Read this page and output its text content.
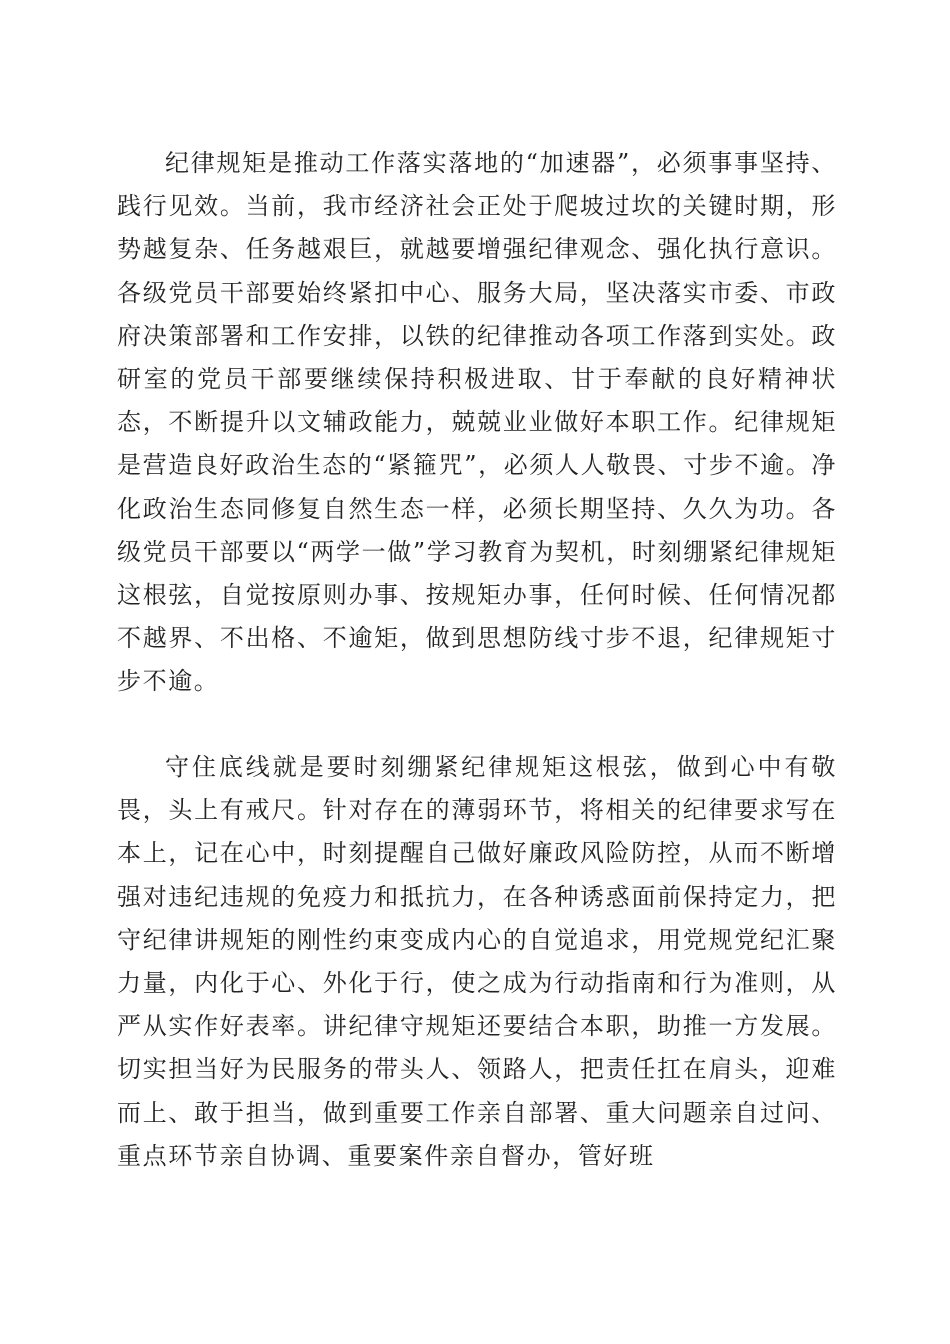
纪律规矩是推动工作落实落地的“加速器”，必须事事坚持、践行见效。当前，我市经济社会正处于爬坡过坎的关键时期，形势越复杂、任务越艰巨，就越要增强纪律观念、强化执行意识。各级党员干部要始终紧扣中心、服务大局，坚决落实市委、市政府决策部署和工作安排，以铁的纪律推动各项工作落到实处。政研室的党员干部要继续保持积极进取、甘于奉献的良好精神状态，不断提升以文辅政能力，兢兢业业做好本职工作。纪律规矩是营造良好政治生态的“紧箍咒”，必须人人敬畏、寸步不逾。净化政治生态同修复自然生态一样，必须长期坚持、久久为功。各级党员干部要以“两学一做”学习教育为契机，时刻绷紧纪律规矩这根弦，自觉按原则办事、按规矩办事，任何时候、任何情况都不越界、不出格、不逾矩，做到思想防线寸步不退，纪律规矩寸步不逾。

守住底线就是要时刻绷紧纪律规矩这根弦，做到心中有敬畏，头上有戒尺。针对存在的薄弱环节，将相关的纪律要求写在本上，记在心中，时刻提醒自己做好廉政风险防控，从而不断增强对违纪违规的免疫力和抵抗力，在各种诱惑面前保持定力，把守纪律讲规矩的刚性约束变成内心的自觉追求，用党规党纪汇聚力量，内化于心、外化于行，使之成为行动指南和行为准则，从严从实作好表率。讲纪律守规矩还要结合本职，助推一方发展。切实担当好为民服务的带头人、领路人，把责任扛在肩头，迎难而上、敢于担当，做到重要工作亲自部署、重大问题亲自过问、重点环节亲自协调、重要案件亲自督办，管好班
